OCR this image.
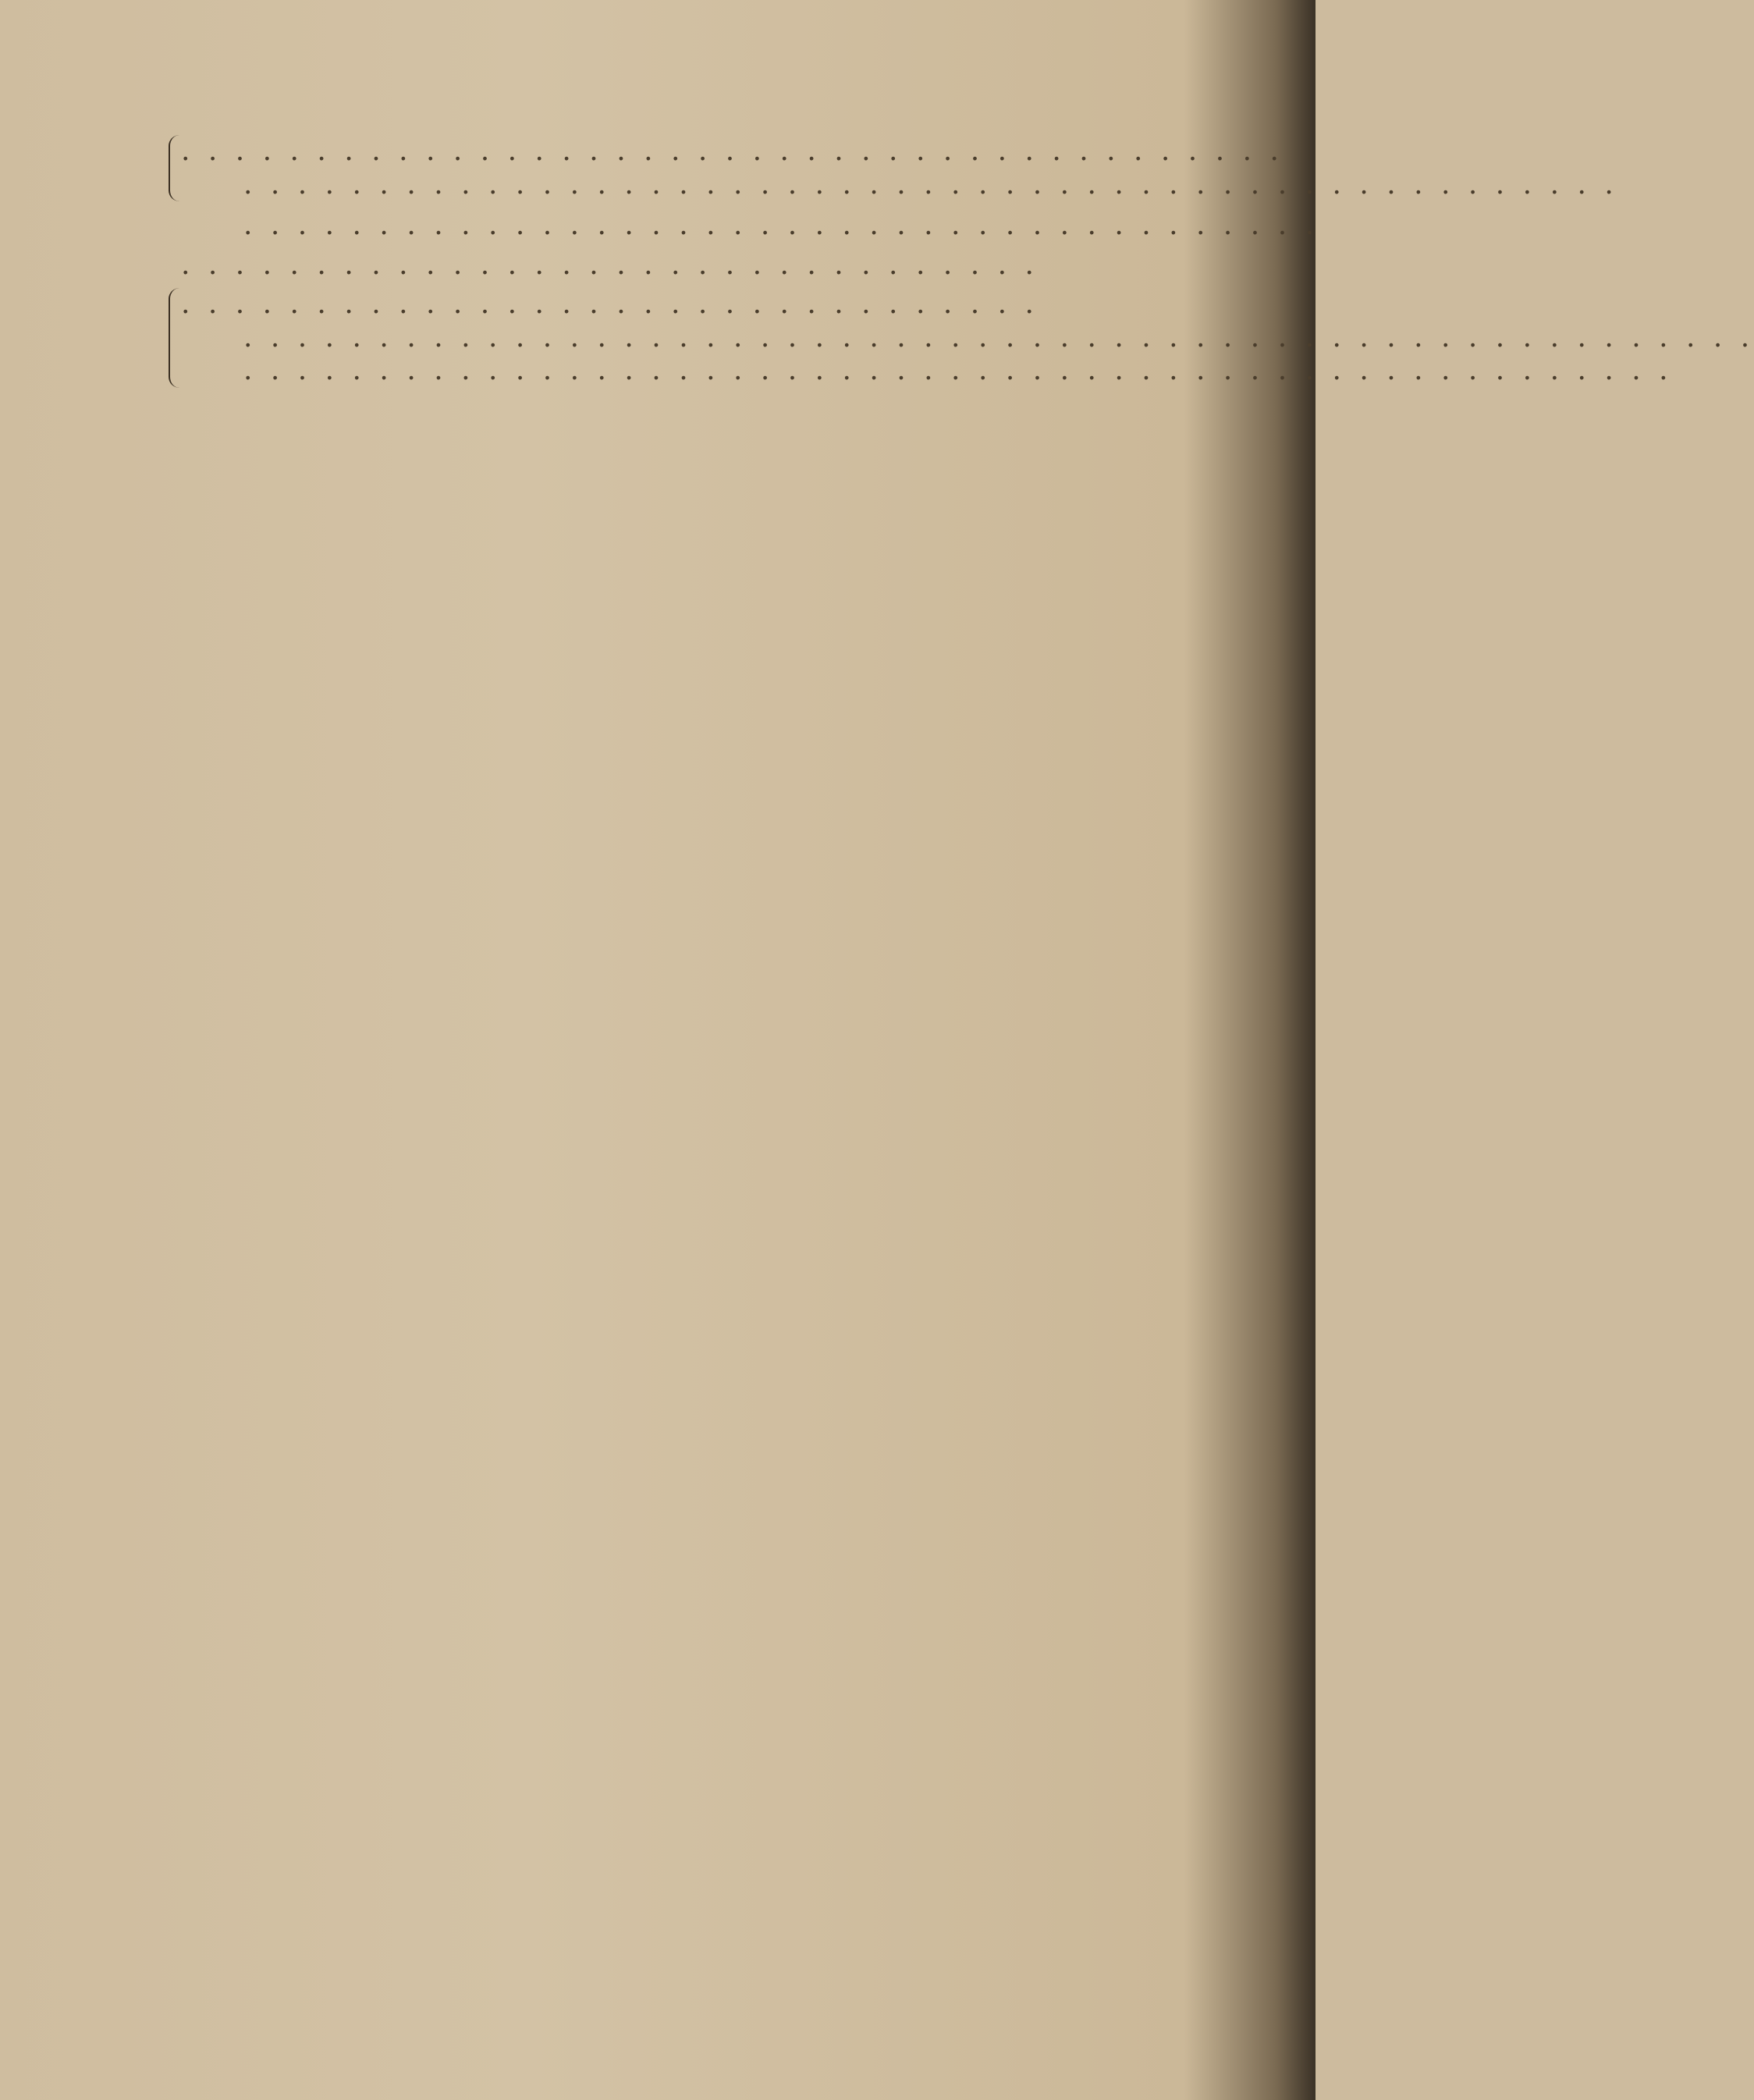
. . . . . . . . . . . . . . . . . . . . . . . . . . . . . . . . . . . . . . . . .
. . . . . . . . . . . . . . . . . . . . . . . . . . . . . . . . . . . . . . . . . . . . . . . . . . .
. . . . . . . . . . . . . . . . . . . . . . . . . . . . . . . . . . . . . . . .
. . . . . . . . . . . . . . . . . . . . . . . . . . . . . . . .
. . . . . . . . . . . . . . . . . . . . . . . . . . . . . . . .
. . . . . . . . . . . . . . . . . . . . . . . . . . . . . . . . . . . . . . . . . . . . . . . . . . . . . . . .
. . . . . . . . . . . . . . . . . . . . . . . . . . . . . . . . . . . . . . . . . . . . . . . . . . . . .
